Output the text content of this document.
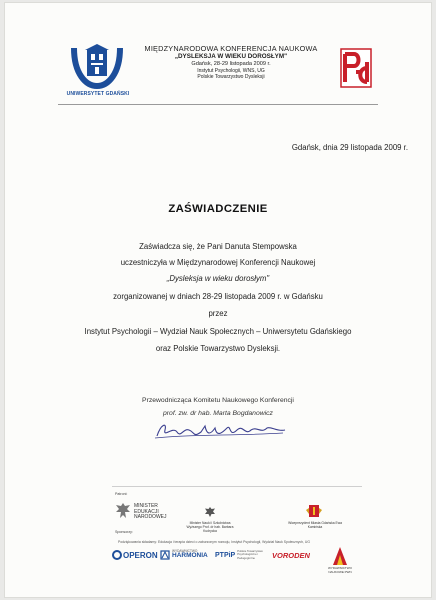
UNIWERSYTET GDAŃSKI
MIĘDZYNARODOWA KONFERENCJA NAUKOWA
„DYSLEKSJA W WIEKU DOROSŁYM"
Gdańsk, 28-29 listopada 2009 r.
Instytut Psychologii, WNS, UG
Polskie Towarzystwo Dysleksji
Gdańsk, dnia 29 listopada 2009 r.
ZAŚWIADCZENIE
Zaświadcza się, że Pani Danuta Stempowska
uczestniczyła w Międzynarodowej Konferencji Naukowej
„Dysleksja w wieku dorosłym"
zorganizowanej w dniach 28-29 listopada 2009 r. w Gdańsku
przez
Instytut Psychologii – Wydział Nauk Społecznych – Uniwersytetu Gdańskiego
oraz Polskie Towarzystwo Dysleksji.
Przewodnicząca Komitetu Naukowego Konferencji
prof. zw. dr hab. Marta Bogdanowicz
Patroni:
MINISTER
EDUKACJI
NARODOWEJ
Minister Nauki i Szkolnictwa Wyższego Prof. dr hab. Barbara Kudrycka
Wiceprezydent Miasta Gdańska Ewa Kamińska
Sponsorzy:
Podziękowania składamy: Edukacja i terapia dzieci o zaburzonym rozwoju, Instytut Psychologii, Wydział Nauk Społecznych, UG
OPERON	WYDAWNICTWO
HARMONIA PTPiP
Polskie Towarzystwo Psychologiczne i Pedagogiczne	VORODEN
WYDAWNICTWO NAUKOWE PWN
